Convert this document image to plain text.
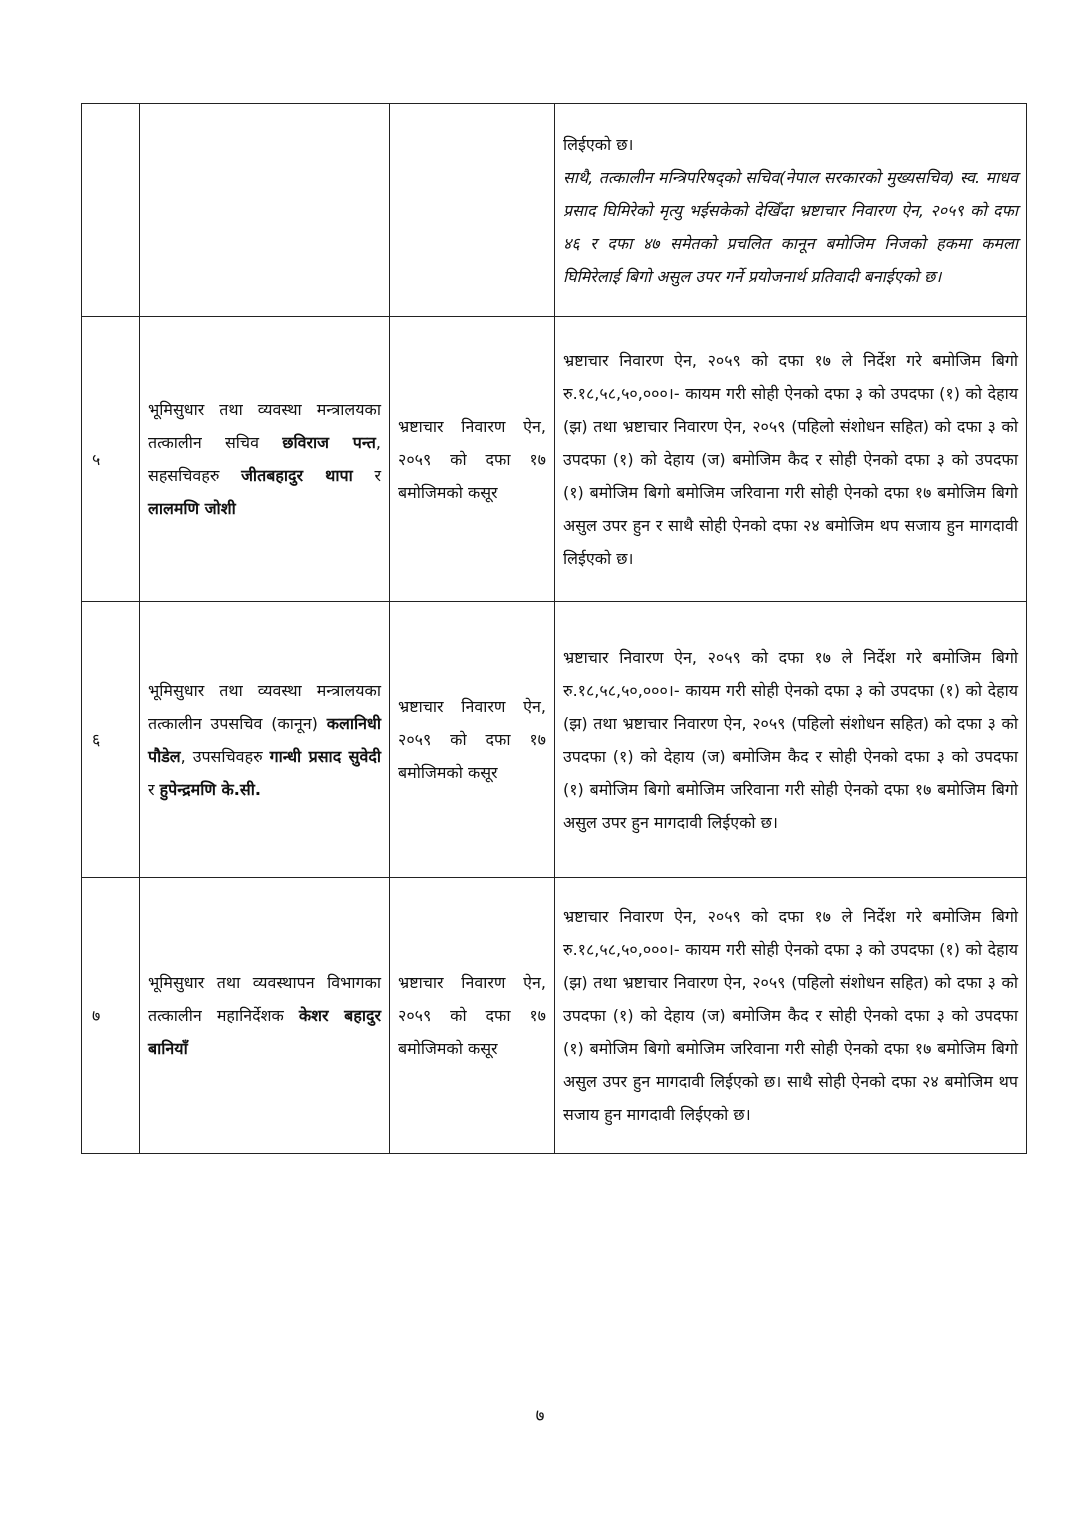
			लिईएको छ।
साथै, तत्कालीन मन्त्रिपरिषद्को सचिव(नेपाल सरकारको मुख्यसचिव) स्व. माधव प्रसाद घिमिरेको मृत्यु भईसकेको देखिँदा भ्रष्टाचार निवारण ऐन, २०५९ को दफा ४६ र दफा ४७ समेतको प्रचलित कानून बमोजिम निजको हकमा कमला घिमिरेलाई बिगो असुल उपर गर्ने प्रयोजनार्थ प्रतिवादी बनाईएको छ।

५	भूमिसुधार तथा व्यवस्था मन्त्रालयका तत्कालीन सचिव छविराज पन्त, सहसचिवहरु जीतबहादुर थापा र लालमणि जोशी	भ्रष्टाचार निवारण ऐन, २०५९ को दफा १७ बमोजिमको कसूर	भ्रष्टाचार निवारण ऐन, २०५९ को दफा १७ ले निर्देश गरे बमोजिम बिगो रु.१८,५८,५०,०००।- कायम गरी सोही ऐनको दफा ३ को उपदफा (१) को देहाय (झ) तथा भ्रष्टाचार निवारण ऐन, २०५९ (पहिलो संशोधन सहित) को दफा ३ को उपदफा (१) को देहाय (ज) बमोजिम कैद र सोही ऐनको दफा ३ को उपदफा (१) बमोजिम बिगो बमोजिम जरिवाना गरी सोही ऐनको दफा १७ बमोजिम बिगो असुल उपर हुन र साथै सोही ऐनको दफा २४ बमोजिम थप सजाय हुन मागदावी लिईएको छ।
६	भूमिसुधार तथा व्यवस्था मन्त्रालयका तत्कालीन उपसचिव (कानून) कलानिधी पौडेल, उपसचिवहरु गान्धी प्रसाद सुवेदी र हुपेन्द्रमणि के.सी.	भ्रष्टाचार निवारण ऐन, २०५९ को दफा १७ बमोजिमको कसूर	भ्रष्टाचार निवारण ऐन, २०५९ को दफा १७ ले निर्देश गरे बमोजिम बिगो रु.१८,५८,५०,०००।- कायम गरी सोही ऐनको दफा ३ को उपदफा (१) को देहाय (झ) तथा भ्रष्टाचार निवारण ऐन, २०५९ (पहिलो संशोधन सहित) को दफा ३ को उपदफा (१) को देहाय (ज) बमोजिम कैद र सोही ऐनको दफा ३ को उपदफा (१) बमोजिम बिगो बमोजिम जरिवाना गरी सोही ऐनको दफा १७ बमोजिम बिगो असुल उपर हुन मागदावी लिईएको छ।
७	भूमिसुधार तथा व्यवस्थापन विभागका तत्कालीन महानिर्देशक केशर बहादुर बानियाँ	भ्रष्टाचार निवारण ऐन, २०५९ को दफा १७ बमोजिमको कसूर	भ्रष्टाचार निवारण ऐन, २०५९ को दफा १७ ले निर्देश गरे बमोजिम बिगो रु.१८,५८,५०,०००।- कायम गरी सोही ऐनको दफा ३ को उपदफा (१) को देहाय (झ) तथा भ्रष्टाचार निवारण ऐन, २०५९ (पहिलो संशोधन सहित) को दफा ३ को उपदफा (१) को देहाय (ज) बमोजिम कैद र सोही ऐनको दफा ३ को उपदफा (१) बमोजिम बिगो बमोजिम जरिवाना गरी सोही ऐनको दफा १७ बमोजिम बिगो असुल उपर हुन मागदावी लिईएको छ। साथै सोही ऐनको दफा २४ बमोजिम थप सजाय हुन मागदावी लिईएको छ।
७
